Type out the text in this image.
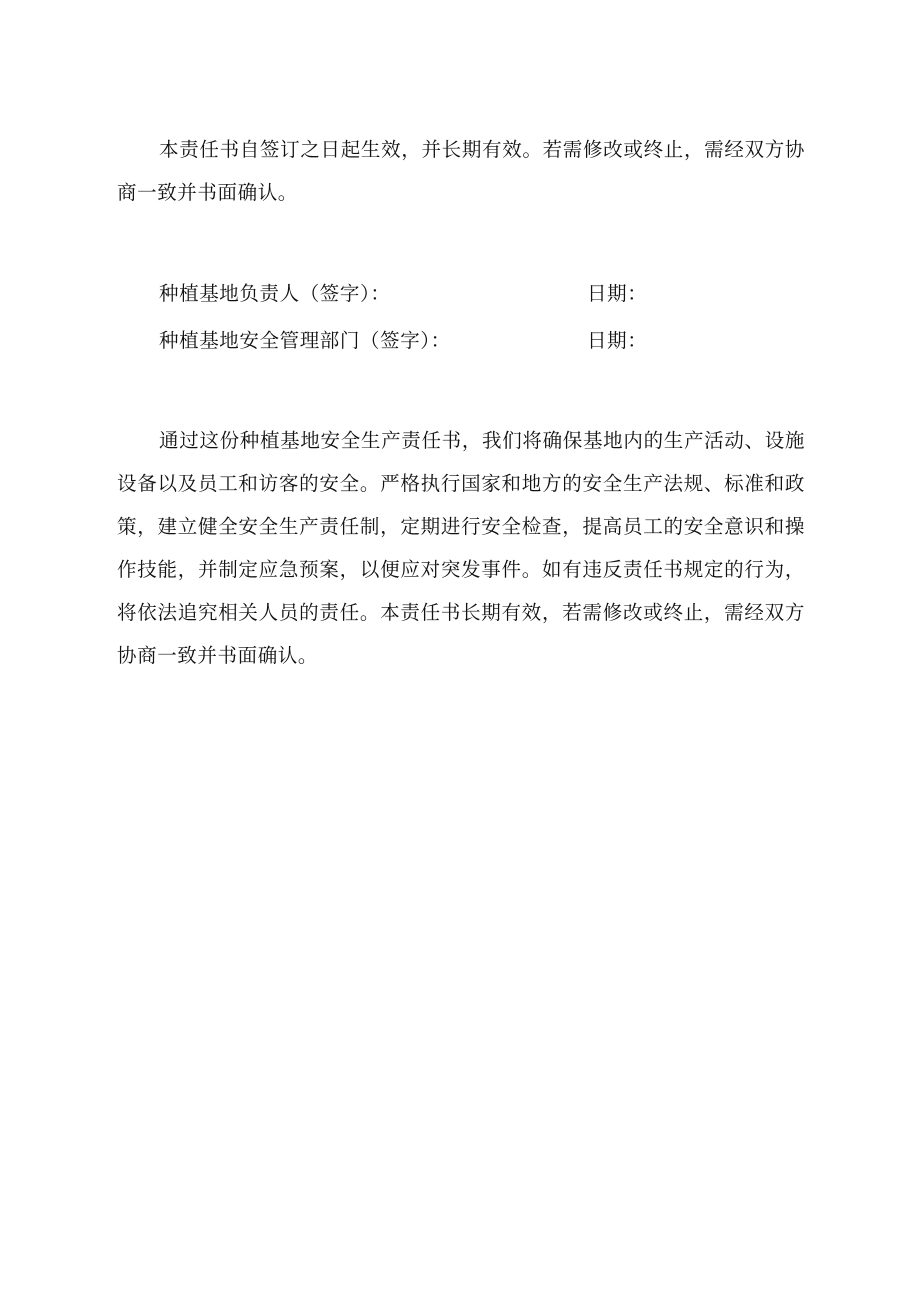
本责任书自签订之日起生效，并长期有效。若需修改或终止，需经双方协商一致并书面确认。

种植基地负责人（签字）：	日期：
种植基地安全管理部门（签字）：	日期：

通过这份种植基地安全生产责任书，我们将确保基地内的生产活动、设施设备以及员工和访客的安全。严格执行国家和地方的安全生产法规、标准和政策，建立健全安全生产责任制，定期进行安全检查，提高员工的安全意识和操作技能，并制定应急预案，以便应对突发事件。如有违反责任书规定的行为，将依法追究相关人员的责任。本责任书长期有效，若需修改或终止，需经双方协商一致并书面确认。
